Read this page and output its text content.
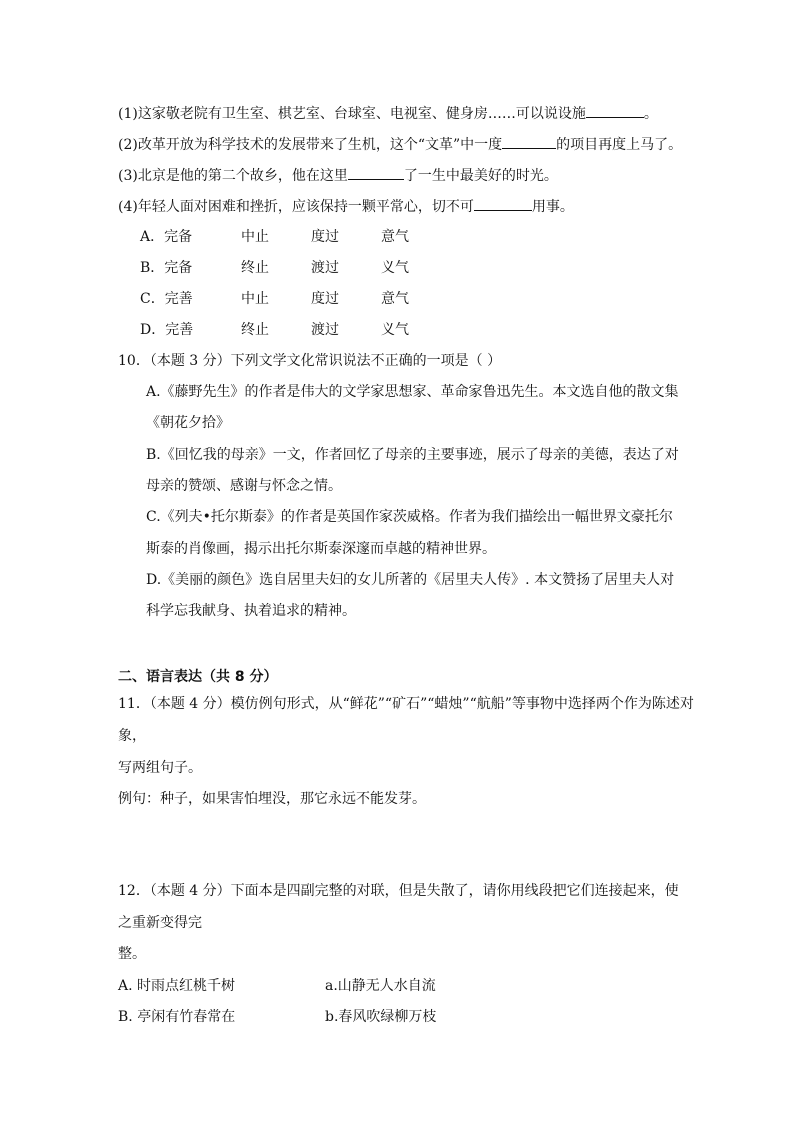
(1)这家敬老院有卫生室、棋艺室、台球室、电视室、健身房……可以说设施	。
(2)改革开放为科学技术的发展带来了生机，这个“文革”中一度	的项目再度上马了。
(3)北京是他的第二个故乡，他在这里	了一生中最美好的时光。
(4)年轻人面对困难和挫折，应该保持一颗平常心，切不可	用事。
A．完备	中止	度过	意气
B．完备	终止	渡过	义气
C．完善	中止	度过	意气
D．完善	终止	渡过	义气
10．（本题 3 分）下列文学文化常识说法不正确的一项是（ ）
A.《藤野先生》的作者是伟大的文学家思想家、革命家鲁迅先生。本文选自他的散文集
《朝花夕拾》
B.《回忆我的母亲》一文，作者回忆了母亲的主要事迹，展示了母亲的美德，表达了对
母亲的赞颂、感谢与怀念之情。
C.《列夫•托尔斯泰》的作者是英国作家茨威格。作者为我们描绘出一幅世界文豪托尔
斯泰的肖像画，揭示出托尔斯泰深邃而卓越的精神世界。
D.《美丽的颜色》选自居里夫妇的女儿所著的《居里夫人传》. 本文赞扬了居里夫人对
科学忘我献身、执着追求的精神。
二、语言表达（共 8 分）
11．（本题 4 分）模仿例句形式，从“鲜花”“矿石”“蜡烛”“航船”等事物中选择两个作为陈述对
象，
写两组句子。
例句：种子，如果害怕埋没，那它永远不能发芽。
12．（本题 4 分）下面本是四副完整的对联，但是失散了，请你用线段把它们连接起来，使
之重新变得完
整。
A. 时雨点红桃千树	a.山静无人水自流
B. 亭闲有竹春常在	b.春风吹绿柳万枝
